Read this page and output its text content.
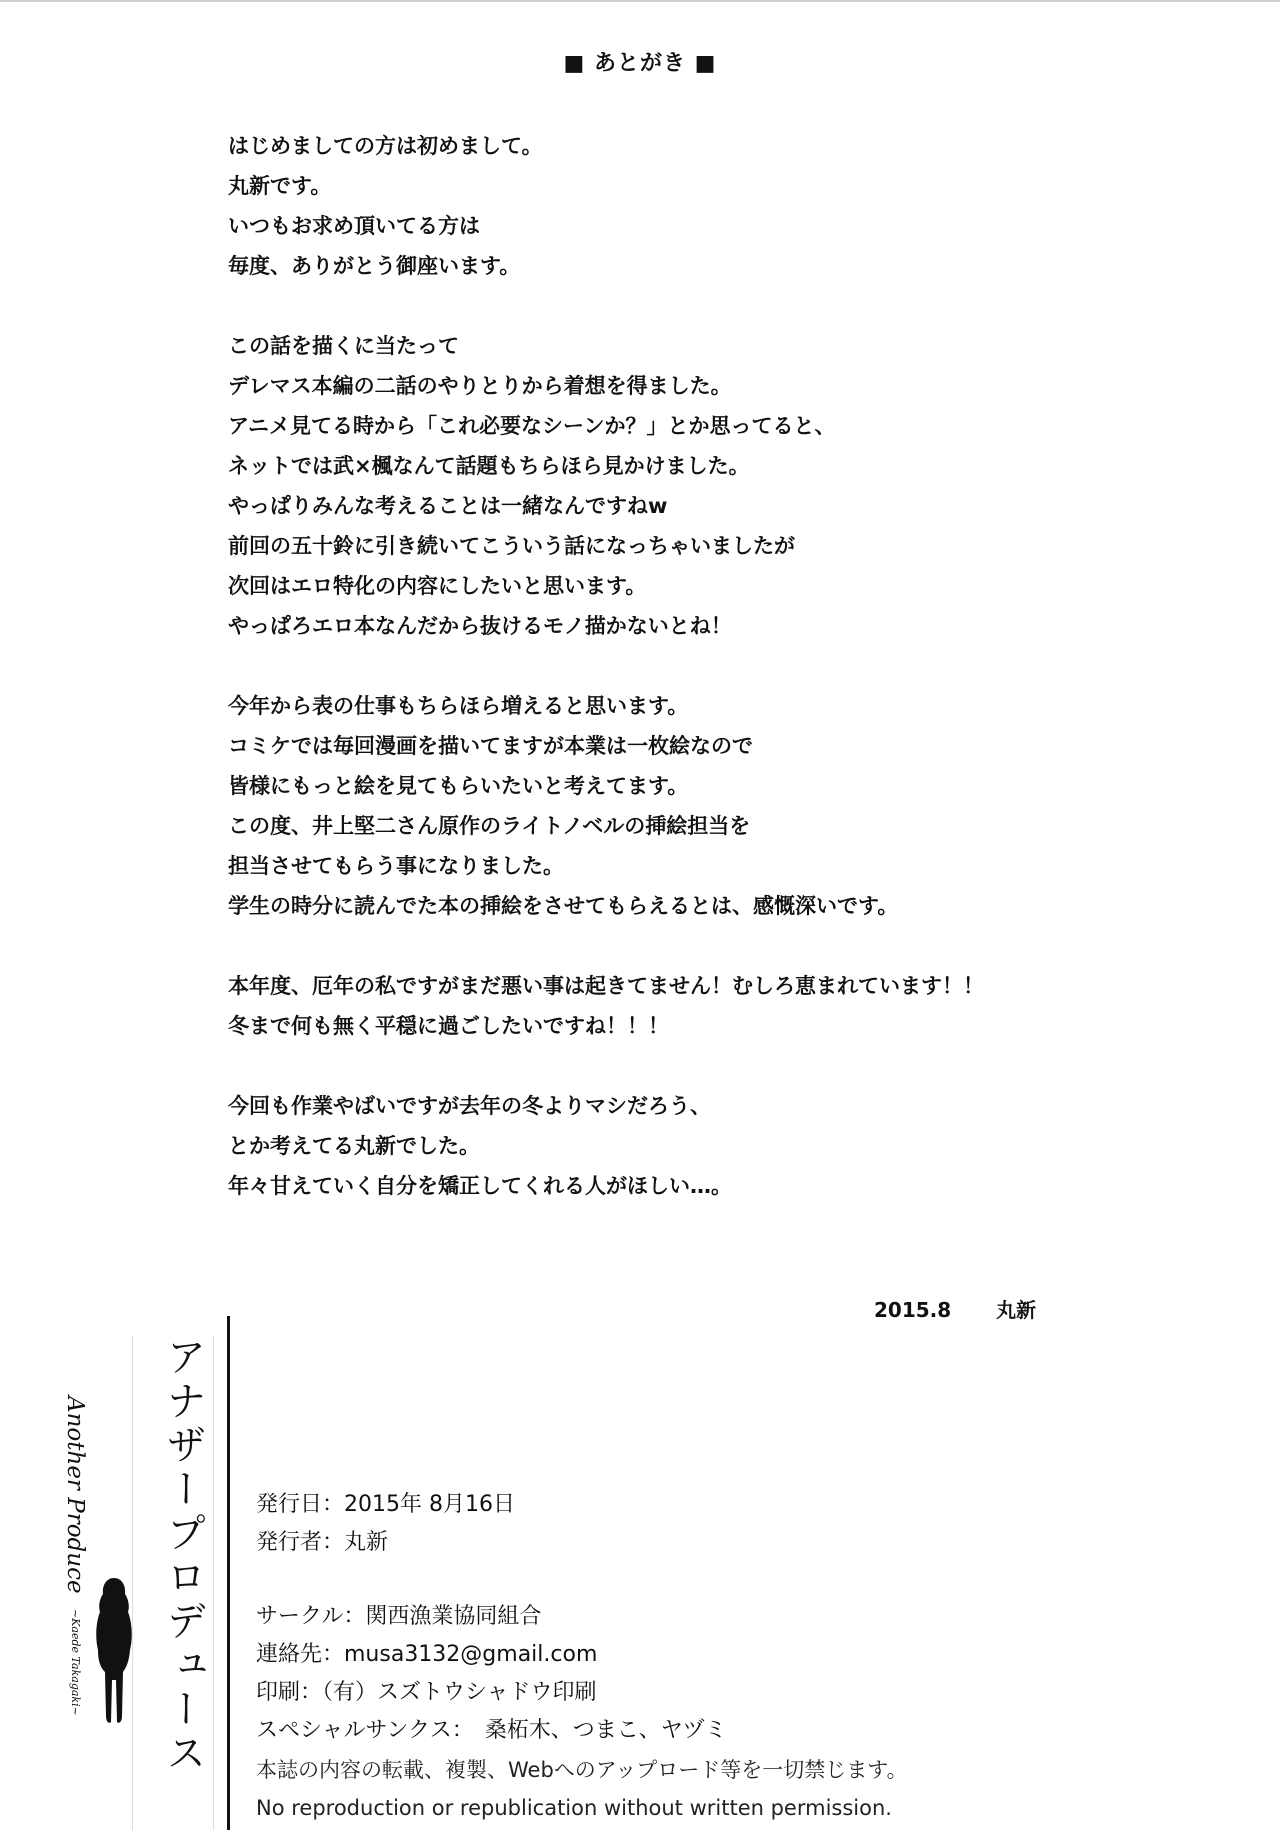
■ あとがき ■
はじめましての方は初めまして。
丸新です。
いつもお求め頂いてる方は
毎度、ありがとう御座います。
この話を描くに当たって
デレマス本編の二話のやりとりから着想を得ました。
アニメ見てる時から「これ必要なシーンか？」とか思ってると、
ネットでは武×楓なんて話題もちらほら見かけました。
やっぱりみんな考えることは一緒なんですねw
前回の五十鈴に引き続いてこういう話になっちゃいましたが
次回はエロ特化の内容にしたいと思います。
やっぱろエロ本なんだから抜けるモノ描かないとね！
今年から表の仕事もちらほら増えると思います。
コミケでは毎回漫画を描いてますが本業は一枚絵なので
皆様にもっと絵を見てもらいたいと考えてます。
この度、井上堅二さん原作のライトノベルの挿絵担当を
担当させてもらう事になりました。
学生の時分に読んでた本の挿絵をさせてもらえるとは、感慨深いです。
本年度、厄年の私ですがまだ悪い事は起きてません！むしろ恵まれています！！
冬まで何も無く平穏に過ごしたいですね！！！
今回も作業やばいですが去年の冬よりマシだろう、
とか考えてる丸新でした。
年々甘えていく自分を矯正してくれる人がほしい…。
2015.8 丸新
Another Produce ~Kaede Takagaki~	アナザープロデュース	発行日：2015年 8月16日
発行者：丸新
サークル：関西漁業協同組合
連絡先：musa3132@gmail.com
印刷：（有）スズトウシャドウ印刷
スペシャルサンクス：　桑柘木、つまこ、ヤヅミ
本誌の内容の転載、複製、Webへのアップロード等を一切禁じます。
No reproduction or republication without written permission.
